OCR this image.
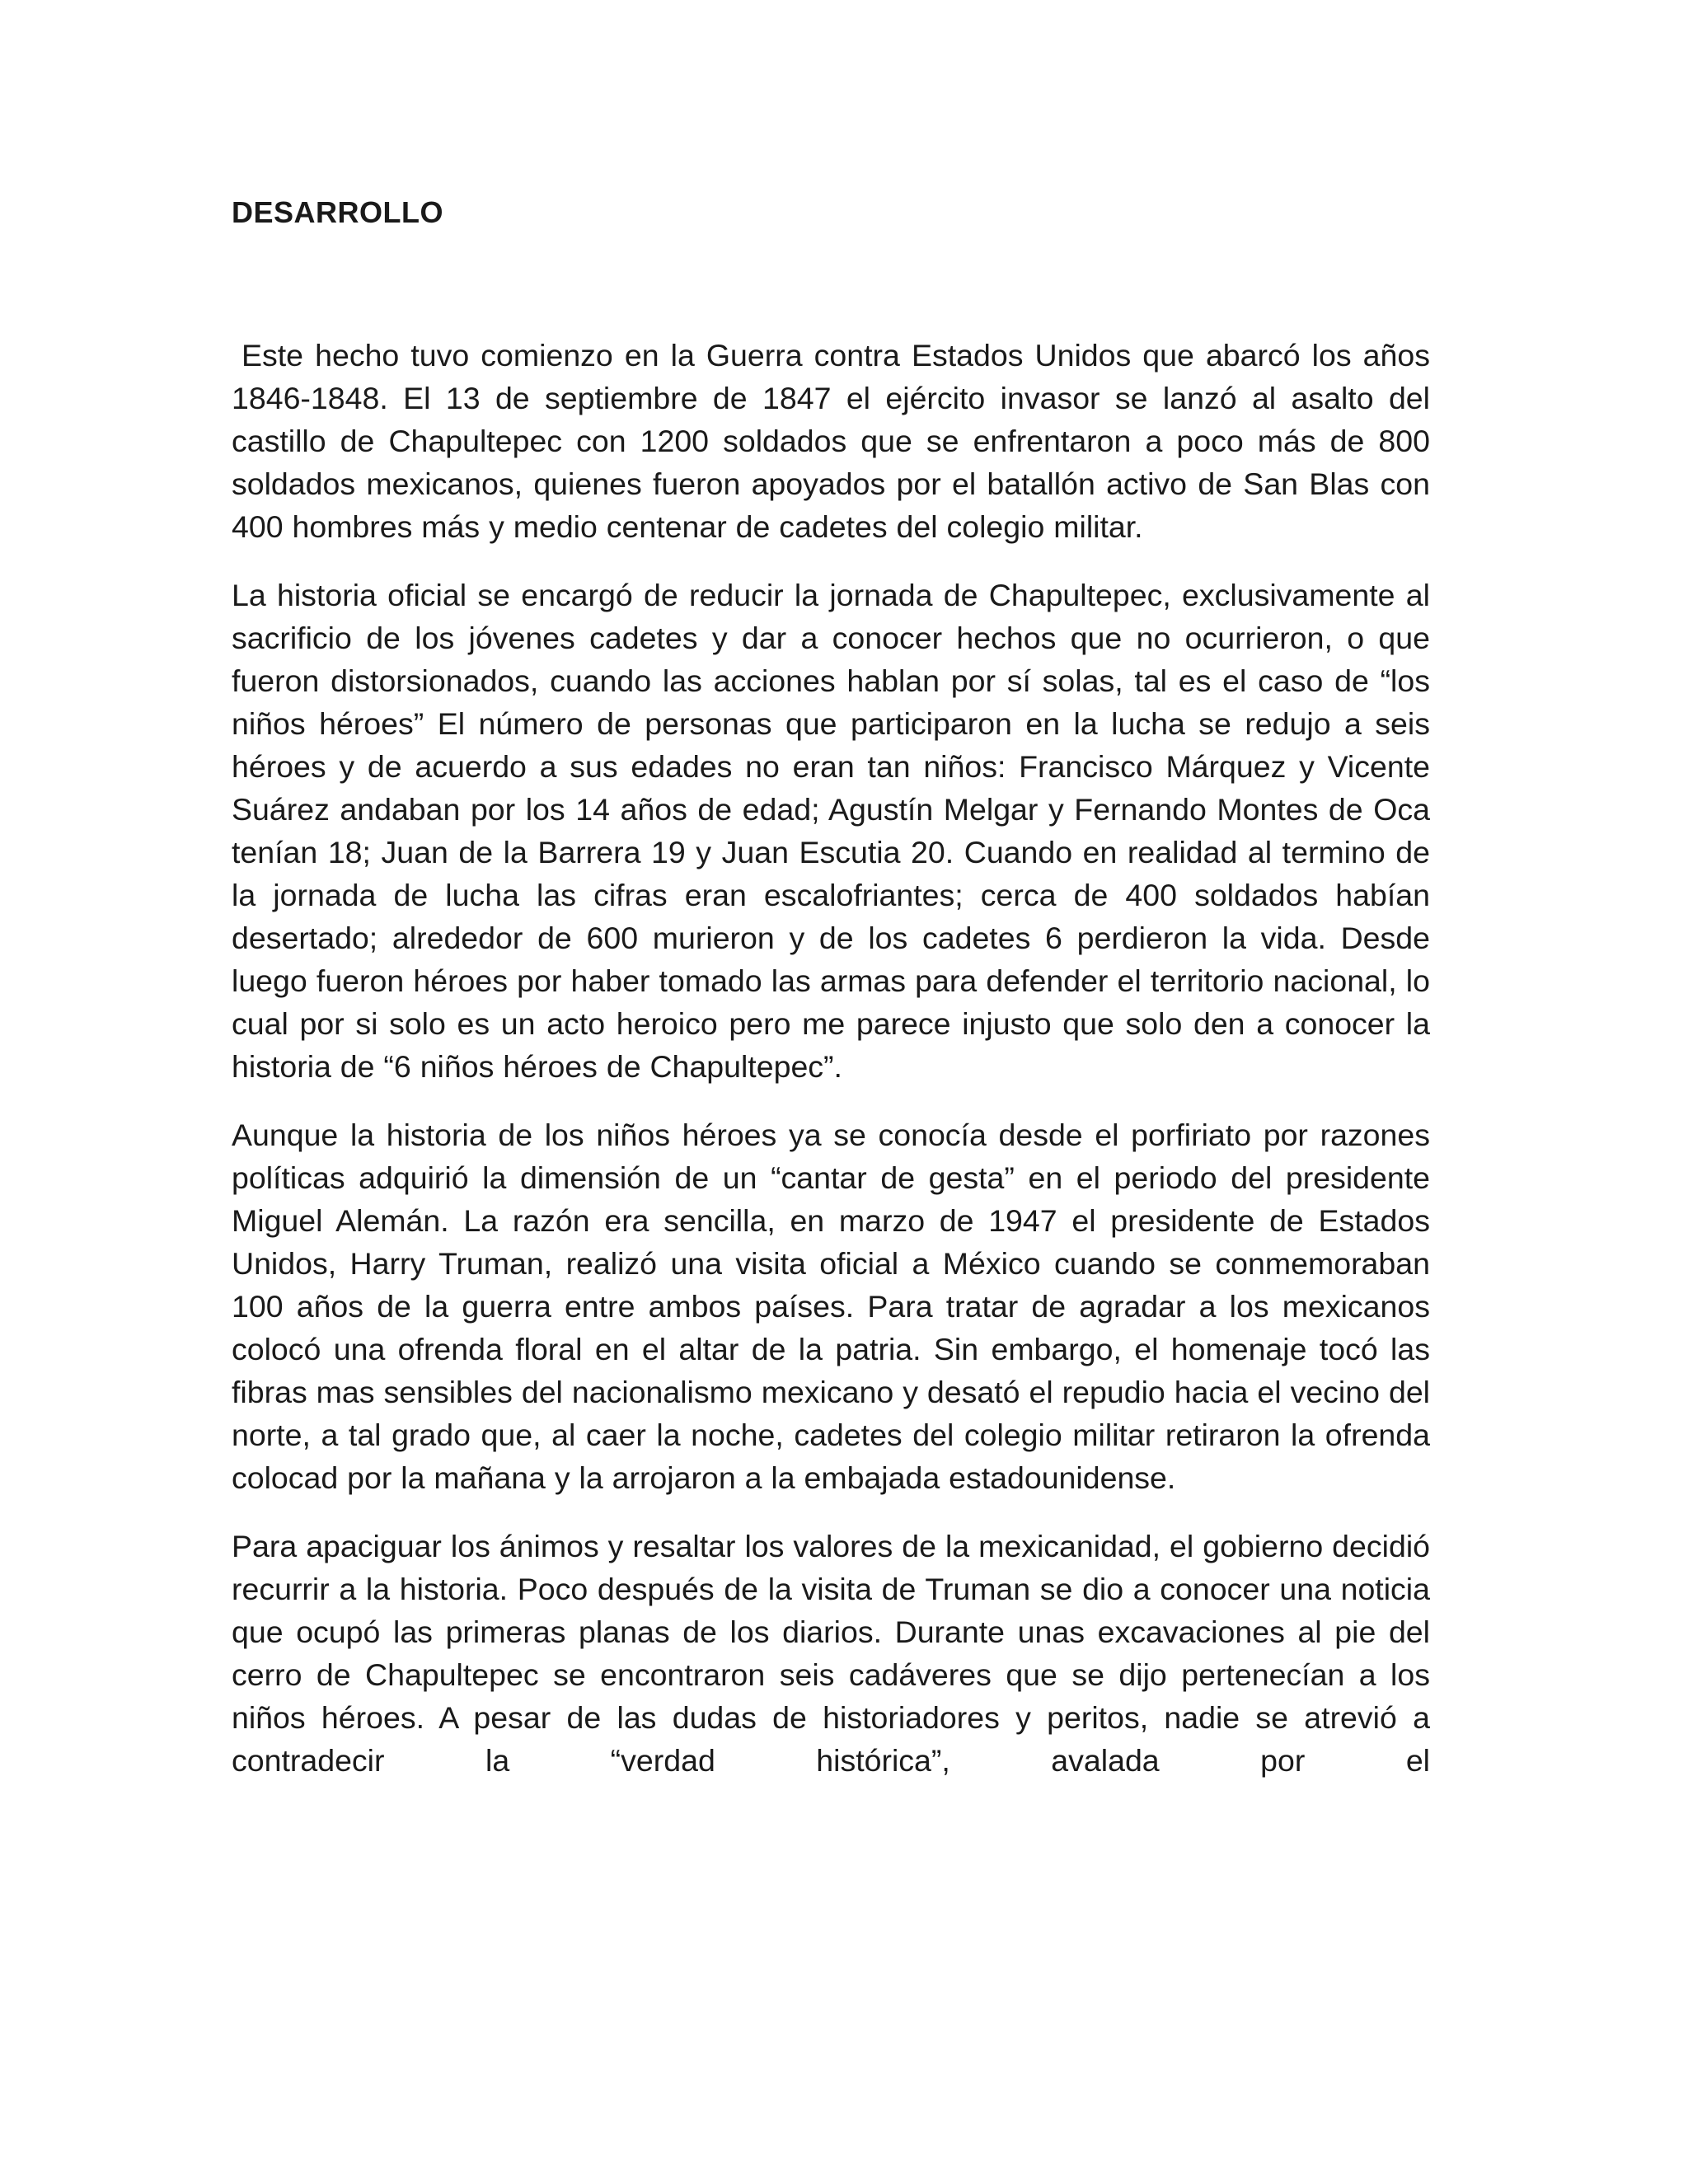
DESARROLLO

Este hecho tuvo comienzo en la Guerra contra Estados Unidos que abarcó los años 1846-1848. El 13 de septiembre de 1847 el ejército invasor se lanzó al asalto del castillo de Chapultepec con 1200 soldados que se enfrentaron a poco más de 800 soldados mexicanos, quienes fueron apoyados por el batallón activo de San Blas con 400 hombres más y medio centenar de cadetes del colegio militar.

La historia oficial se encargó de reducir la jornada de Chapultepec, exclusivamente al sacrificio de los jóvenes cadetes y dar a conocer hechos que no ocurrieron, o que fueron distorsionados, cuando las acciones hablan por sí solas, tal es el caso de “los niños héroes” El número de personas que participaron en la lucha se redujo a seis héroes y de acuerdo a sus edades no eran tan niños: Francisco Márquez y Vicente Suárez andaban por los 14 años de edad; Agustín Melgar y Fernando Montes de Oca tenían 18; Juan de la Barrera 19 y Juan Escutia 20. Cuando en realidad al termino de la jornada de lucha las cifras eran escalofriantes; cerca de 400 soldados habían desertado; alrededor de 600 murieron y de los cadetes 6 perdieron la vida. Desde luego fueron héroes por haber tomado las armas para defender el territorio nacional, lo cual por si solo es un acto heroico pero me parece injusto que solo den a conocer la historia de “6 niños héroes de Chapultepec”.

Aunque la historia de los niños héroes ya se conocía desde el porfiriato por razones políticas adquirió la dimensión de un “cantar de gesta” en el periodo del presidente Miguel Alemán. La razón era sencilla, en marzo de 1947 el presidente de Estados Unidos, Harry Truman, realizó una visita oficial a México cuando se conmemoraban 100 años de la guerra entre ambos países. Para tratar de agradar a los mexicanos colocó una ofrenda floral en el altar de la patria. Sin embargo, el homenaje tocó las fibras mas sensibles del nacionalismo mexicano y desató el repudio hacia el vecino del norte, a tal grado que, al caer la noche, cadetes del colegio militar retiraron la ofrenda colocad por la mañana y la arrojaron a la embajada estadounidense.

Para apaciguar los ánimos y resaltar los valores de la mexicanidad, el gobierno decidió recurrir a la historia. Poco después de la visita de Truman se dio a conocer una noticia que ocupó las primeras planas de los diarios. Durante unas excavaciones al pie del cerro de Chapultepec se encontraron seis cadáveres que se dijo pertenecían a los niños héroes. A pesar de las dudas de historiadores y peritos, nadie se atrevió a contradecir la “verdad histórica”, avalada por el
